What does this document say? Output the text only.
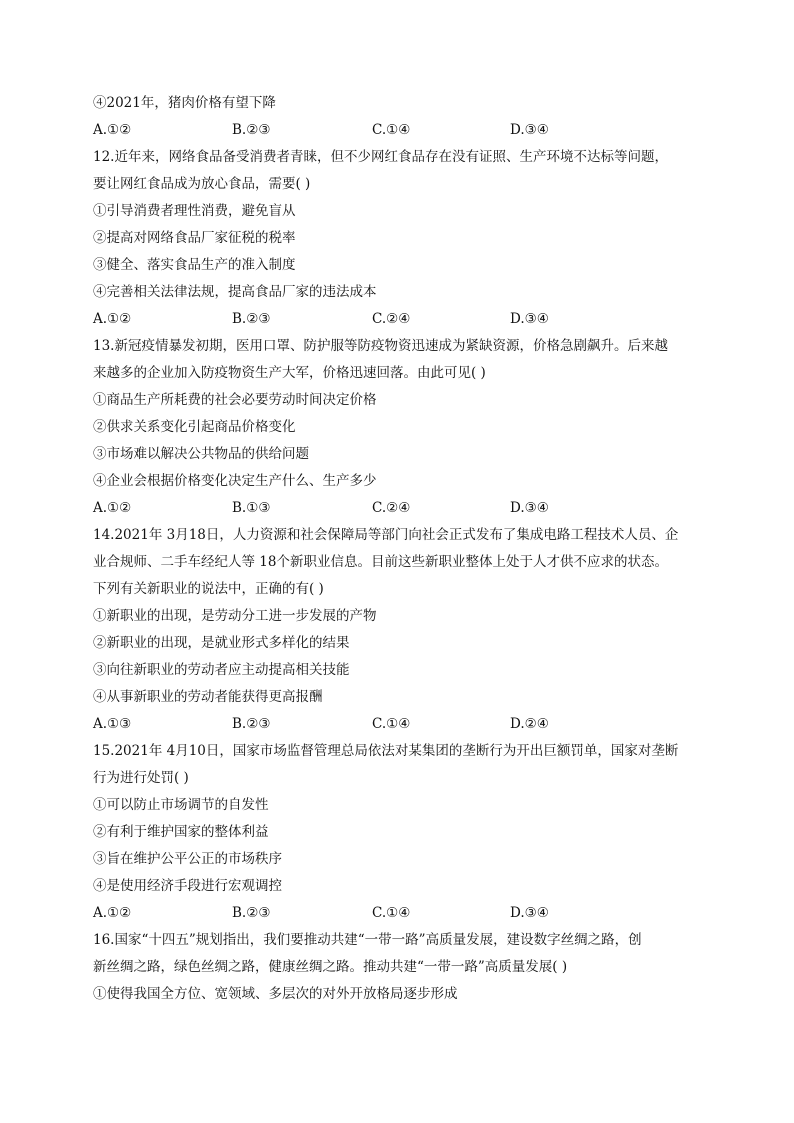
④2021年，猪肉价格有望下降
A.①②	B.②③	C.①④	D.③④
12.近年来，网络食品备受消费者青睐，但不少网红食品存在没有证照、生产环境不达标等问题，
要让网红食品成为放心食品，需要( )
①引导消费者理性消费，避免盲从
②提高对网络食品厂家征税的税率
③健全、落实食品生产的准入制度
④完善相关法律法规，提高食品厂家的违法成本
A.①②	B.②③	C.②④	D.③④
13.新冠疫情暴发初期，医用口罩、防护服等防疫物资迅速成为紧缺资源，价格急剧飙升。后来越
来越多的企业加入防疫物资生产大军，价格迅速回落。由此可见( )
①商品生产所耗费的社会必要劳动时间决定价格
②供求关系变化引起商品价格变化
③市场难以解决公共物品的供给问题
④企业会根据价格变化决定生产什么、生产多少
A.①②	B.①③	C.②④	D.③④
14.2021年 3月18日，人力资源和社会保障局等部门向社会正式发布了集成电路工程技术人员、企
业合规师、二手车经纪人等 18个新职业信息。目前这些新职业整体上处于人才供不应求的状态。
下列有关新职业的说法中，正确的有( )
①新职业的出现，是劳动分工进一步发展的产物
②新职业的出现，是就业形式多样化的结果
③向往新职业的劳动者应主动提高相关技能
④从事新职业的劳动者能获得更高报酬
A.①③	B.②③	C.①④	D.②④
15.2021年 4月10日，国家市场监督管理总局依法对某集团的垄断行为开出巨额罚单，国家对垄断
行为进行处罚( )
①可以防止市场调节的自发性
②有利于维护国家的整体利益
③旨在维护公平公正的市场秩序
④是使用经济手段进行宏观调控
A.①②	B.②③	C.①④	D.③④
16.国家“十四五”规划指出，我们要推动共建“一带一路”高质量发展，建设数字丝绸之路，创
新丝绸之路，绿色丝绸之路，健康丝绸之路。推动共建“一带一路”高质量发展( )
①使得我国全方位、宽领域、多层次的对外开放格局逐步形成
